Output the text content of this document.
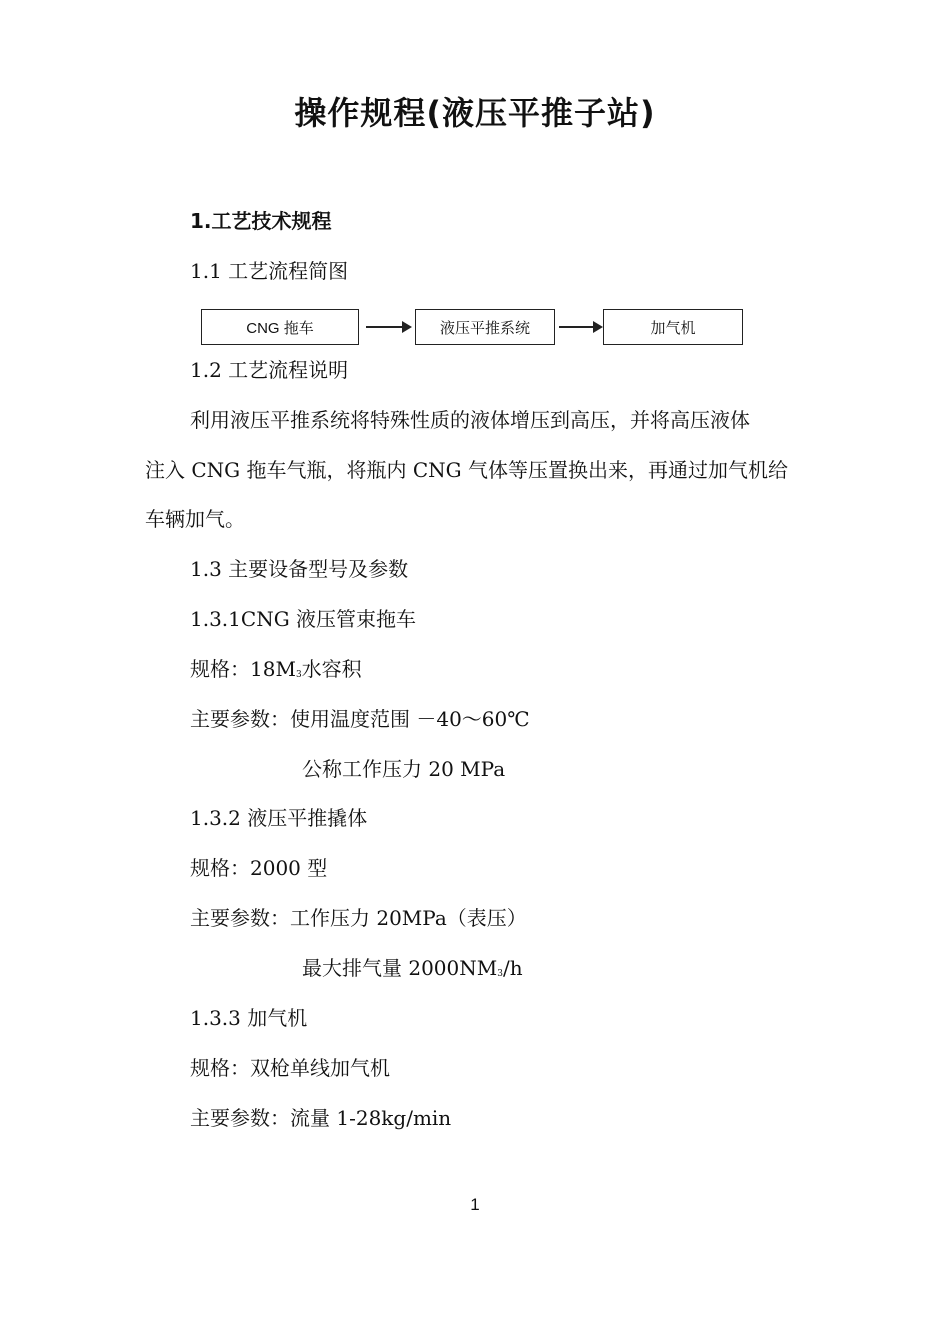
操作规程(液压平推子站)
1.工艺技术规程
1.1 工艺流程简图
CNG 拖车	液压平推系统	加气机
1.2 工艺流程说明
利用液压平推系统将特殊性质的液体增压到高压，并将高压液体
注入 CNG 拖车气瓶，将瓶内 CNG 气体等压置换出来，再通过加气机给
车辆加气。
1.3 主要设备型号及参数
1.3.1CNG 液压管束拖车
规格：18M3水容积
主要参数：使用温度范围 －40～60℃
公称工作压力 20 MPa
1.3.2 液压平推撬体
规格：2000 型
主要参数：工作压力 20MPa（表压）
最大排气量 2000NM3/h
1.3.3 加气机
规格：双枪单线加气机
主要参数：流量 1-28kg/min
1
